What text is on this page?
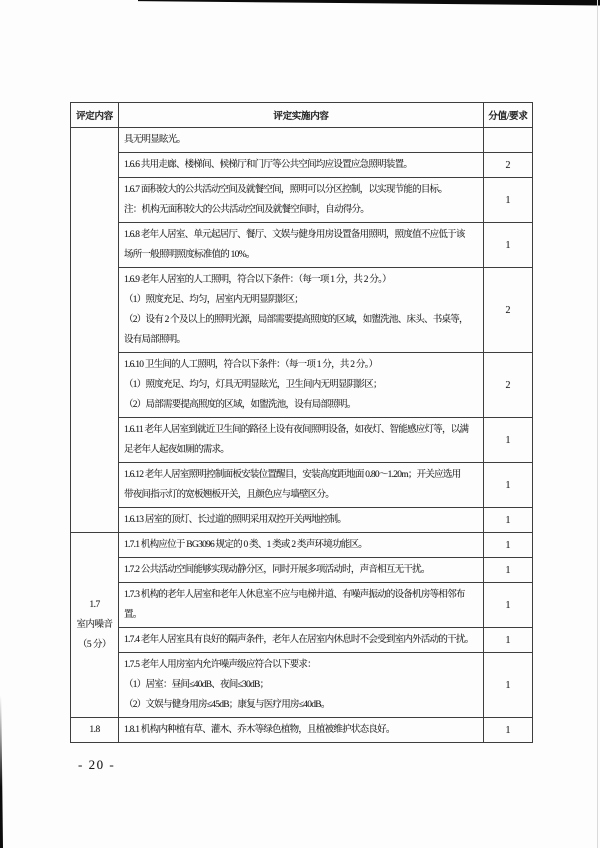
评定内容	评定实施内容	分值/要求

	具无明显眩光。	

	1.6.6 共用走廊、楼梯间、候梯厅和门厅等公共空间均应设置应急照明装置。	2

	1.6.7 面积较大的公共活动空间及就餐空间，照明可以分区控制，以实现节能的目标。
注：机构无面积较大的公共活动空间及就餐空间时，自动得分。	1

	1.6.8 老年人居室、单元起居厅、餐厅、文娱与健身用房设置备用照明，照度值不应低于该
场所一般照明照度标准值的 10%。	1

	1.6.9 老年人居室的人工照明，符合以下条件：（每一项 1 分，共 2 分。）
（1）照度充足、均匀，居室内无明显阴影区；
（2）设有 2 个及以上的照明光源，局部需要提高照度的区域，如盥洗池、床头、书桌等，
设有局部照明。	2

	1.6.10 卫生间的人工照明，符合以下条件：（每一项 1 分，共 2 分。）
（1）照度充足、均匀，灯具无明显眩光，卫生间内无明显阴影区；
（2）局部需要提高照度的区域，如盥洗池，设有局部照明。	2

	1.6.11 老年人居室到就近卫生间的路径上设有夜间照明设备，如夜灯、智能感应灯等，以满
足老年人起夜如厕的需求。	1

	1.6.12 老年人居室照明控制面板安装位置醒目，安装高度距地面 0.80～1.20m；开关应选用
带夜间指示灯的宽板翘板开关，且颜色应与墙壁区分。	1

	1.6.13 居室的顶灯、长过道的照明采用双控开关两地控制。	1

1.7
室内噪音
（5 分）	1.7.1 机构应位于 BG3096 规定的 0 类、1 类或 2 类声环境功能区。	1

	1.7.2 公共活动空间能够实现动静分区，同时开展多项活动时，声音相互无干扰。	1

	1.7.3 机构的老年人居室和老年人休息室不应与电梯井道、有噪声振动的设备机房等相邻布
置。	1

	1.7.4 老年人居室具有良好的隔声条件，老年人在居室内休息时不会受到室内外活动的干扰。	1

	1.7.5 老年人用房室内允许噪声级应符合以下要求：
（1）居室：昼间≤40dB、夜间≤30dB；
（2）文娱与健身用房≤45dB；康复与医疗用房≤40dB。	1

1.8	1.8.1 机构内种植有草、灌木、乔木等绿色植物，且植被维护状态良好。	1
- 20 -
